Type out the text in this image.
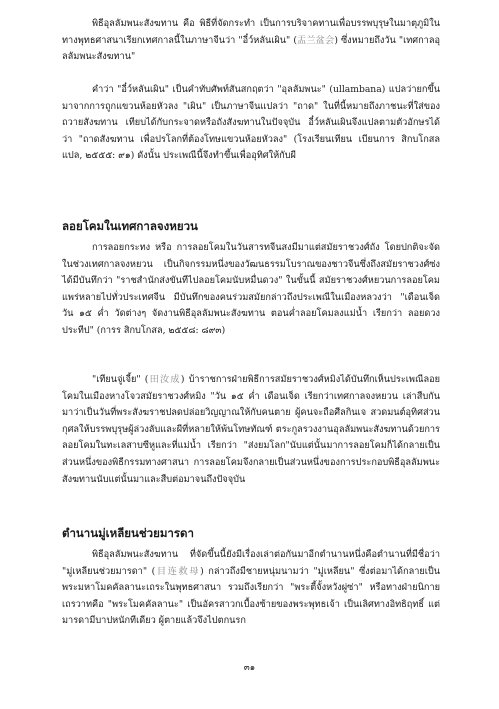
พิธีอุลลัมพนะสังฆทาน คือ พิธีที่จัดกระทำ เป็นการบริจาคทานเพื่อบรรพบุรุษในมาตุภูมิในทางพุทธศาสนาเรียกเทศกาลนี้ในภาษาจีนว่า "อี๋ว์หลันเผิน" (盂兰盆会) ซึ่งหมายถึงวัน "เทศกาลอุลลัมพนะสังฆทาน"

คำว่า "อี๋ว์หลันเผิน" เป็นคำทับศัพท์สันสกฤตว่า "อุลลัมพนะ" (ullambana) แปลว่ายกขึ้นมาจากการถูกแขวนห้อยหัวลง "เผิน" เป็นภาษาจีนแปลว่า "ถาด" ในที่นี้หมายถึงภาชนะที่ใส่ของถวายสังฆทาน เทียบได้กับกระจาดหรือถังสังฆทานในปัจจุบัน อี๋ว์หลันเผินจึงแปลตามตัวอักษรได้ว่า "ถาดสังฆทาน เพื่อปรโลกที่ต้องโทษแขวนห้อยหัวลง" (โรงเรียนเทียน เบียนการ สิกบโกสล แปล, ๒๕๕๕: ๙๑) ดังนั้น ประเพณีนี้จึงทำขึ้นเพื่ออุทิศให้กับผี

ลอยโคมในเทศกาลจงหยวน

การลอยกระทง หรือ การลอยโคมในวันสารทจีนสงมีมาแต่สมัยราชวงศ์ถัง โดยปกติจะจัดในช่วงเทศกาลจงหยวน เป็นกิจกรรมหนึ่งของวัฒนธรรมโบราณของชาวจีนซึ่งถึงสมัยราชวงศ์ซ่งได้มีบันทึกว่า "ราชสำนักส่งขันทีไปลอยโคมนับหมื่นดวง" ในขั้นนี้ สมัยราชวงศ์หยวนการลอยโคมแพร่หลายไปทั่วประเทศจีน มีบันทึกของคนร่วมสมัยกล่าวถึงประเพณีในเมืองหลวงว่า "เดือนเจ็ด วัน ๑๕ ค่ำ วัดต่างๆ จัดงานพิธีอุลลัมพนะสังฆทาน ตอนค่ำลอยโคมลงแม่น้ำ เรียกว่า ลอยดวงประทีป" (การร สิกบโกสล, ๒๕๕๘: ๘๙๓)

"เทียนจู่เจี้ย" (田汝成) บ้าราชการฝ่ายพิธีการสมัยราชวงศ์หมิงได้บันทึกเห็นประเพณีลอยโคมในเมืองหางโจวสมัยราชวงศ์หมิง "วัน ๑๕ ค่ำ เดือนเจ็ด เรียกว่าเทศกาลจงหยวน เล่าสืบกันมาว่าเป็นวันที่พระสังฆราชปลดปล่อยวิญญาณให้กับคนตาย ผู้คนจะถือศีลกินเจ สวดมนต์อุทิศส่วนกุศลให้บรรพบุรุษผู้ล่วงลับและผีที่หลายให้พ้นโทษทัณฑ์ ตระกูลรวงงานอุลลัมพนะสังฆทานด้วยการลอยโคมในทะเลสาบซีหูและที่แม่น้ำ เรียกว่า "ส่งยมโลก"นับแต่นั้นมาการลอยโคมก็ได้กลายเป็นส่วนหนึ่งของพิธีกรรมทางศาสนา การลอยโคมจึงกลายเป็นส่วนหนึ่งของการประกอบพิธีอุลลัมพนะสังฆทานนับแต่นั้นมาและสืบต่อมาจนถึงปัจจุบัน

ตำนานมู่เหลียนช่วยมารดา

พิธีอุลลัมพนะสังฆทาน ที่จัดขึ้นนี้ยังมีเรื่องเล่าต่อกันมาอีกตำนานหนึ่งคือตำนานที่มีชื่อว่า "มู่เหลียนช่วยมารดา" (目连救母) กล่าวถึงมีชายหนุ่มนามว่า "มู่เหลียน" ซึ่งต่อมาได้กลายเป็น พระมหาโมคคัลลานะเถระในพุทธศาสนา รวมถึงเรียกว่า "พระตี้จั้งหวังผู่ซ่า" หรือทางฝ่ายนิกายเถรวาทคือ "พระโมคคัลลานะ" เป็นอัครสาวกเบื้องซ้ายของพระพุทธเจ้า เป็นเลิศทางอิทธิฤทธิ์ แต่มารดามีบาปหนักทีเดียว ผู้ตายแล้วจึงไปตกนรก

๓๑
